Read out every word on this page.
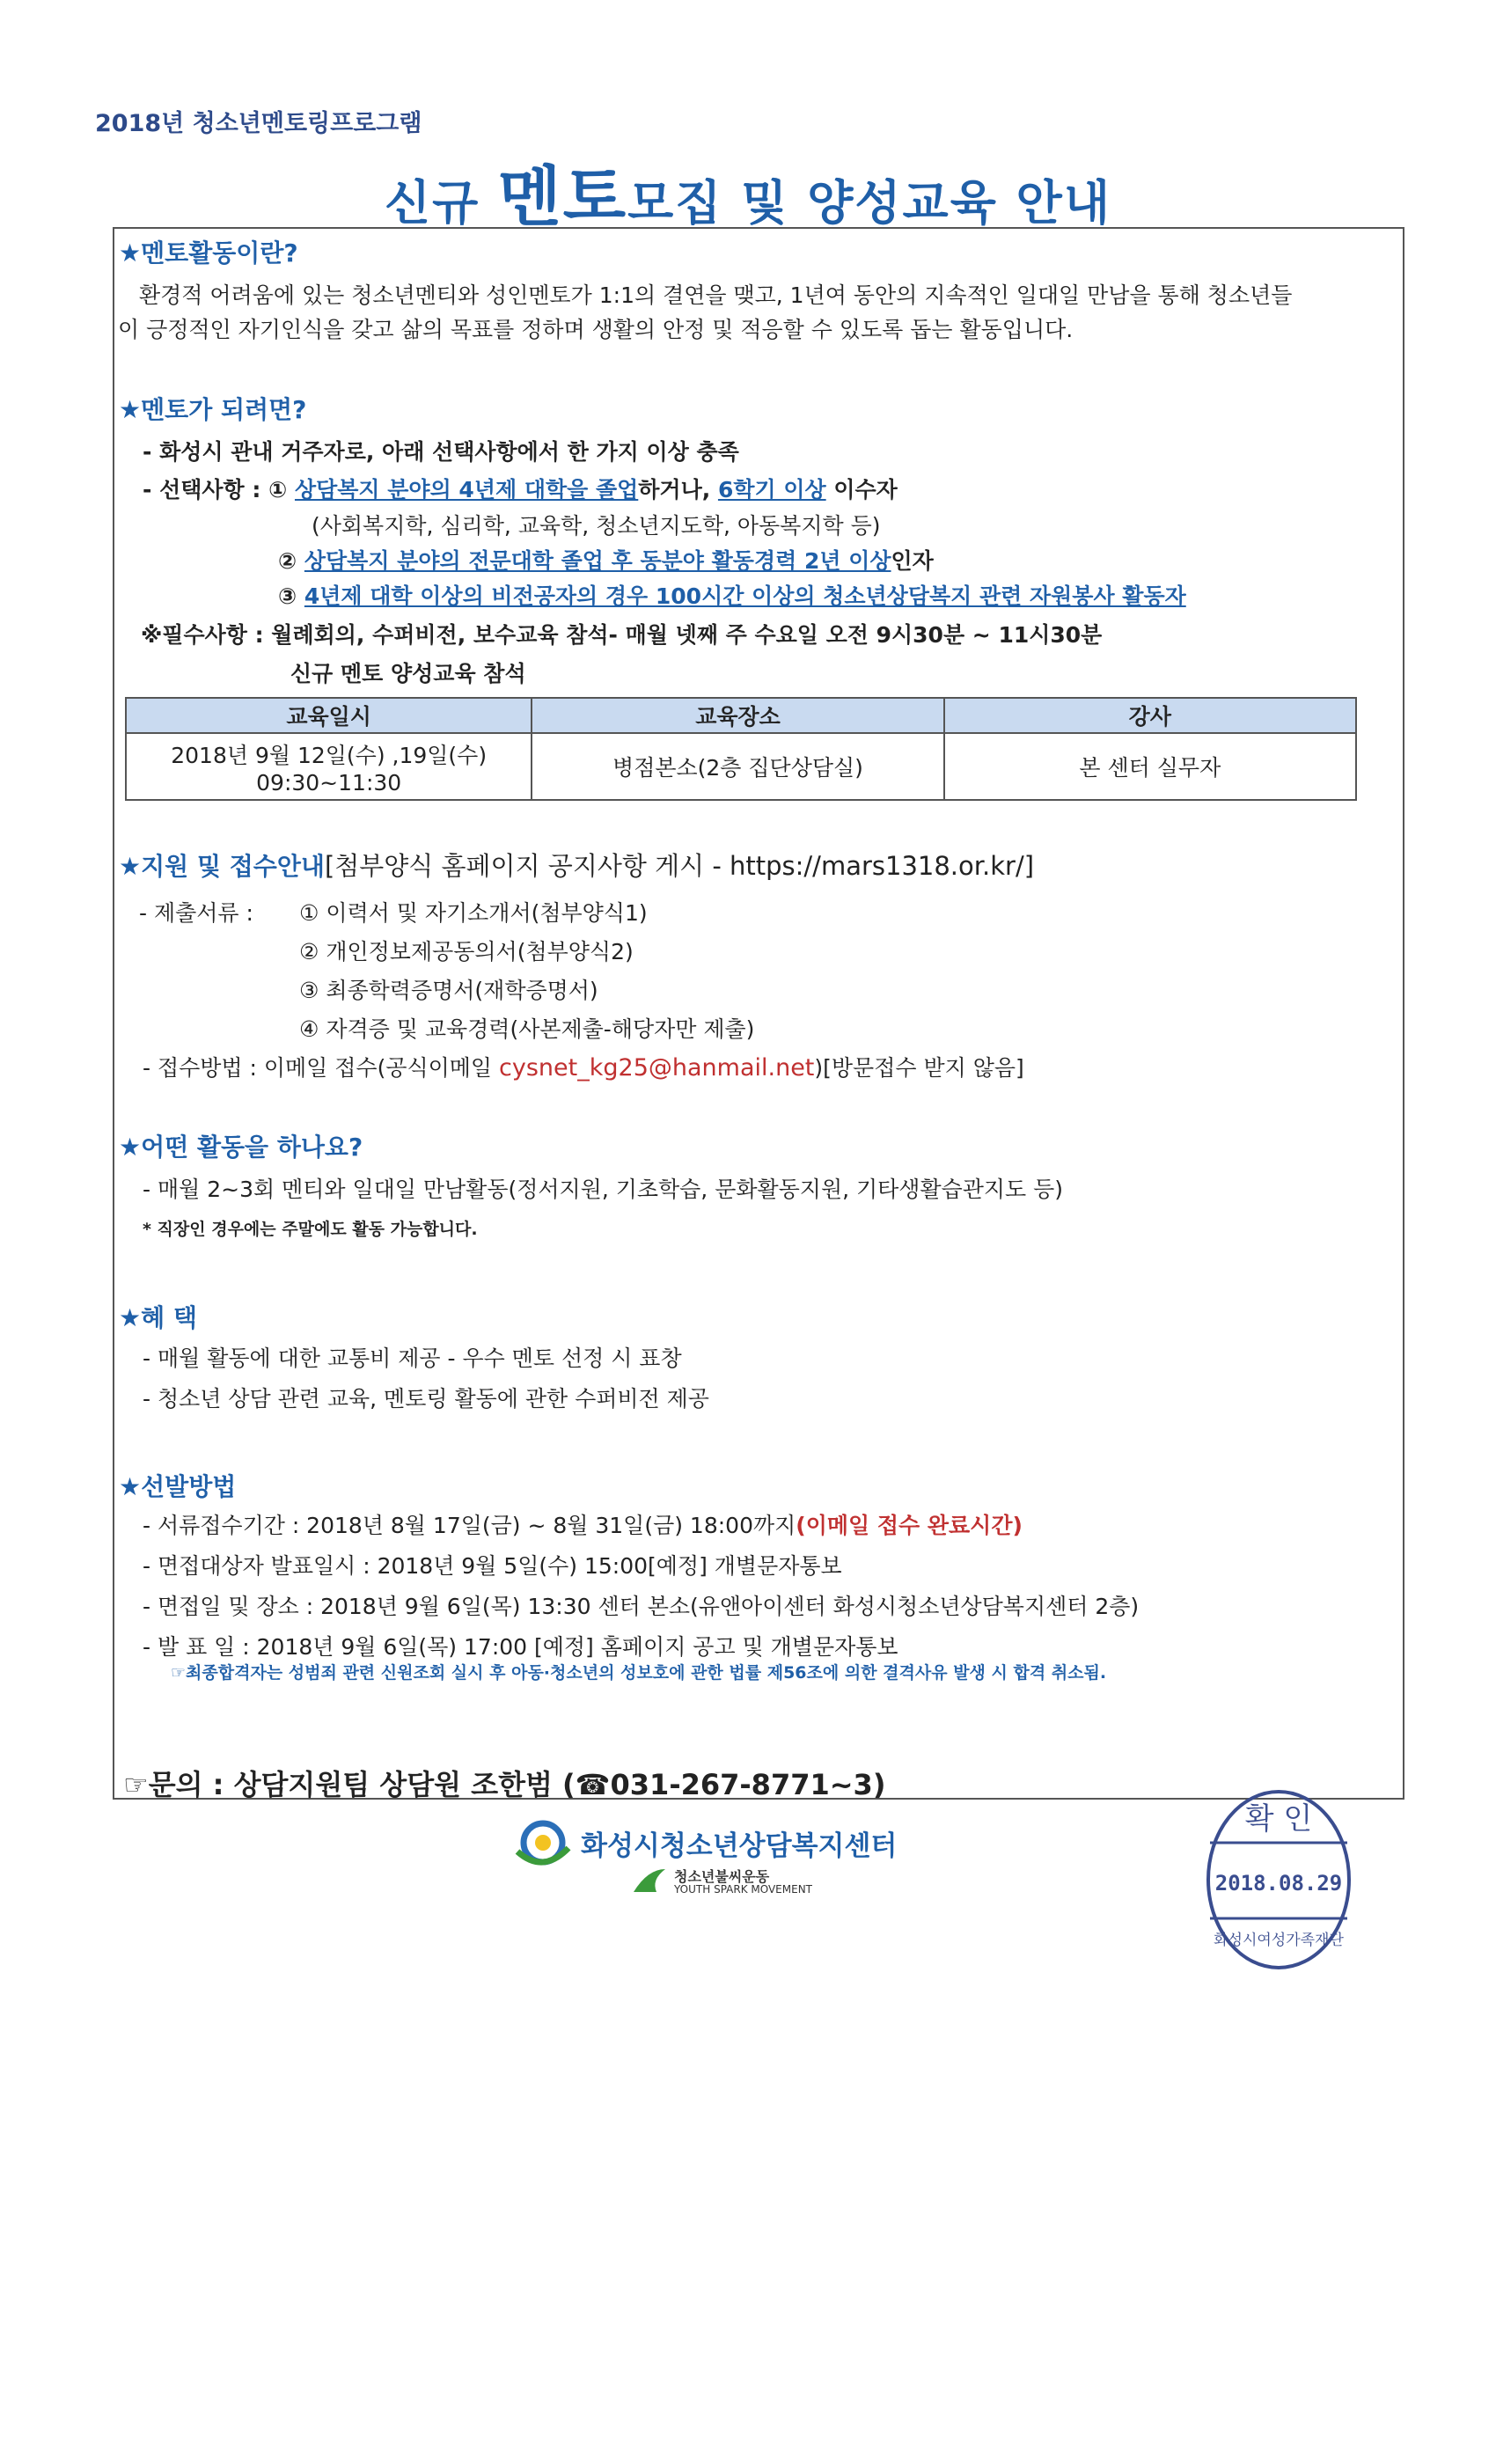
2018년 청소년멘토링프로그램
신규 멘토모집 및 양성교육 안내
★멘토활동이란?
환경적 어려움에 있는 청소년멘티와 성인멘토가 1:1의 결연을 맺고, 1년여 동안의 지속적인 일대일 만남을 통해 청소년들
이 긍정적인 자기인식을 갖고 삶의 목표를 정하며 생활의 안정 및 적응할 수 있도록 돕는 활동입니다.
★멘토가 되려면?
- 화성시 관내 거주자로, 아래 선택사항에서 한 가지 이상 충족
- 선택사항 : ① 상담복지 분야의 4년제 대학을 졸업하거나, 6학기 이상 이수자
(사회복지학, 심리학, 교육학, 청소년지도학, 아동복지학 등)
② 상담복지 분야의 전문대학 졸업 후 동분야 활동경력 2년 이상인자
③ 4년제 대학 이상의 비전공자의 경우 100시간 이상의 청소년상담복지 관련 자원봉사 활동자
※필수사항 : 월례회의, 수퍼비전, 보수교육 참석- 매월 넷째 주 수요일 오전 9시30분 ~ 11시30분
신규 멘토 양성교육 참석
교육일시	교육장소	강사

2018년 9월 12일(수) ,19일(수)
09:30~11:30	병점본소(2층 집단상담실)	본 센터 실무자
★지원 및 접수안내[첨부양식 홈페이지 공지사항 게시 - https://mars1318.or.kr/]
- 제출서류 : ① 이력서 및 자기소개서(첨부양식1)
② 개인정보제공동의서(첨부양식2)
③ 최종학력증명서(재학증명서)
④ 자격증 및 교육경력(사본제출-해당자만 제출)
- 접수방법 : 이메일 접수(공식이메일 cysnet_kg25@hanmail.net)[방문접수 받지 않음]
★어떤 활동을 하나요?
- 매월 2~3회 멘티와 일대일 만남활동(정서지원, 기초학습, 문화활동지원, 기타생활습관지도 등)
* 직장인 경우에는 주말에도 활동 가능합니다.
★혜 택
- 매월 활동에 대한 교통비 제공 - 우수 멘토 선정 시 표창
- 청소년 상담 관련 교육, 멘토링 활동에 관한 수퍼비전 제공
★선발방법
- 서류접수기간 : 2018년 8월 17일(금) ~ 8월 31일(금) 18:00까지(이메일 접수 완료시간)
- 면접대상자 발표일시 : 2018년 9월 5일(수) 15:00[예정] 개별문자통보
- 면접일 및 장소 : 2018년 9월 6일(목) 13:30 센터 본소(유앤아이센터 화성시청소년상담복지센터 2층)
- 발 표 일 : 2018년 9월 6일(목) 17:00 [예정] 홈페이지 공고 및 개별문자통보
☞최종합격자는 성범죄 관련 신원조회 실시 후 아동·청소년의 성보호에 관한 법률 제56조에 의한 결격사유 발생 시 합격 취소됨.
☞문의 : 상담지원팀 상담원 조한범 (☎031-267-8771~3)
화성시청소년상담복지센터
청소년불씨운동
YOUTH SPARK MOVEMENT
확 인
2018.08.29
화성시여성가족재단
